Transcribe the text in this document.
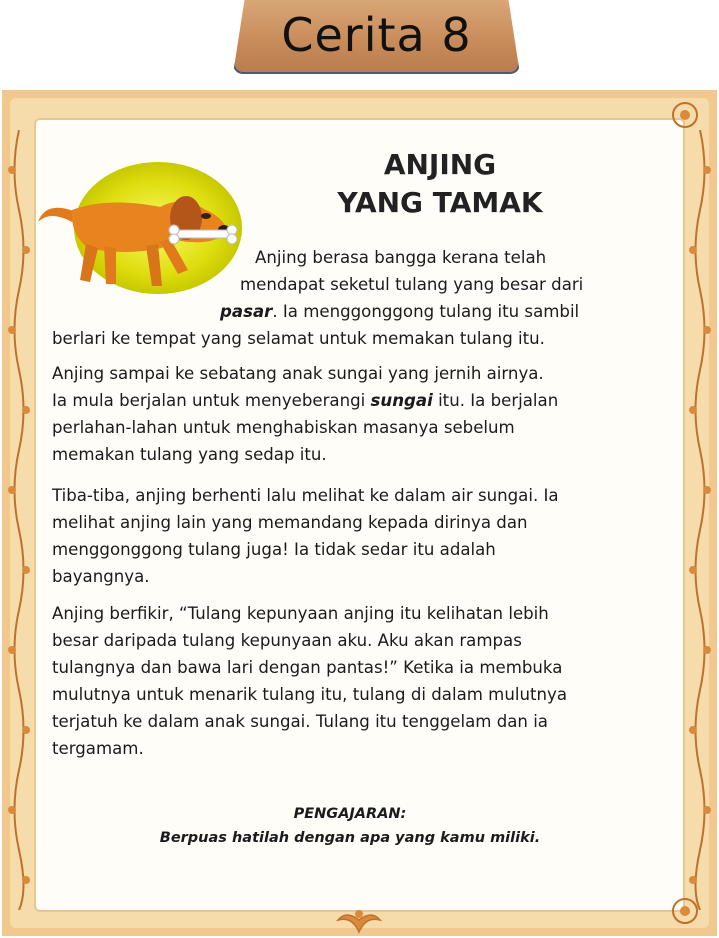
Cerita 8
ANJING
YANG TAMAK
Anjing berasa bangga kerana telah
mendapat seketul tulang yang besar dari
pasar. Ia menggonggong tulang itu sambil
berlari ke tempat yang selamat untuk memakan tulang itu.
Anjing sampai ke sebatang anak sungai yang jernih airnya.
Ia mula berjalan untuk menyeberangi sungai itu. Ia berjalan
perlahan-lahan untuk menghabiskan masanya sebelum
memakan tulang yang sedap itu.
Tiba-tiba, anjing berhenti lalu melihat ke dalam air sungai. Ia
melihat anjing lain yang memandang kepada dirinya dan
menggonggong tulang juga! Ia tidak sedar itu adalah
bayangnya.
Anjing berfikir, “Tulang kepunyaan anjing itu kelihatan lebih
besar daripada tulang kepunyaan aku. Aku akan rampas
tulangnya dan bawa lari dengan pantas!” Ketika ia membuka
mulutnya untuk menarik tulang itu, tulang di dalam mulutnya
terjatuh ke dalam anak sungai. Tulang itu tenggelam dan ia
tergamam.
PENGAJARAN:
Berpuas hatilah dengan apa yang kamu miliki.
